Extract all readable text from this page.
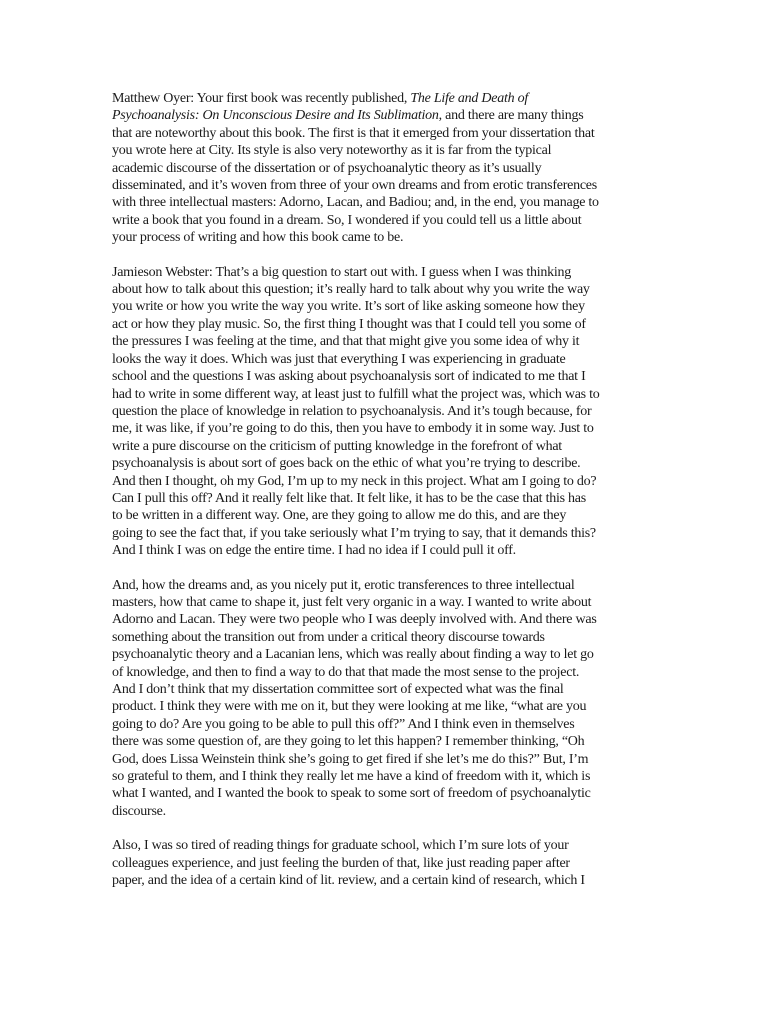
Matthew Oyer: Your first book was recently published, The Life and Death of
Psychoanalysis: On Unconscious Desire and Its Sublimation, and there are many things
that are noteworthy about this book. The first is that it emerged from your dissertation that
you wrote here at City. Its style is also very noteworthy as it is far from the typical
academic discourse of the dissertation or of psychoanalytic theory as it’s usually
disseminated, and it’s woven from three of your own dreams and from erotic transferences
with three intellectual masters: Adorno, Lacan, and Badiou; and, in the end, you manage to
write a book that you found in a dream. So, I wondered if you could tell us a little about
your process of writing and how this book came to be.

Jamieson Webster: That’s a big question to start out with. I guess when I was thinking
about how to talk about this question; it’s really hard to talk about why you write the way
you write or how you write the way you write. It’s sort of like asking someone how they
act or how they play music. So, the first thing I thought was that I could tell you some of
the pressures I was feeling at the time, and that that might give you some idea of why it
looks the way it does. Which was just that everything I was experiencing in graduate
school and the questions I was asking about psychoanalysis sort of indicated to me that I
had to write in some different way, at least just to fulfill what the project was, which was to
question the place of knowledge in relation to psychoanalysis. And it’s tough because, for
me, it was like, if you’re going to do this, then you have to embody it in some way. Just to
write a pure discourse on the criticism of putting knowledge in the forefront of what
psychoanalysis is about sort of goes back on the ethic of what you’re trying to describe.
And then I thought, oh my God, I’m up to my neck in this project. What am I going to do?
Can I pull this off? And it really felt like that. It felt like, it has to be the case that this has
to be written in a different way. One, are they going to allow me do this, and are they
going to see the fact that, if you take seriously what I’m trying to say, that it demands this?
And I think I was on edge the entire time. I had no idea if I could pull it off.

And, how the dreams and, as you nicely put it, erotic transferences to three intellectual
masters, how that came to shape it, just felt very organic in a way. I wanted to write about
Adorno and Lacan. They were two people who I was deeply involved with. And there was
something about the transition out from under a critical theory discourse towards
psychoanalytic theory and a Lacanian lens, which was really about finding a way to let go
of knowledge, and then to find a way to do that that made the most sense to the project.
And I don’t think that my dissertation committee sort of expected what was the final
product. I think they were with me on it, but they were looking at me like, “what are you
going to do? Are you going to be able to pull this off?” And I think even in themselves
there was some question of, are they going to let this happen? I remember thinking, “Oh
God, does Lissa Weinstein think she’s going to get fired if she let’s me do this?” But, I’m
so grateful to them, and I think they really let me have a kind of freedom with it, which is
what I wanted, and I wanted the book to speak to some sort of freedom of psychoanalytic
discourse.

Also, I was so tired of reading things for graduate school, which I’m sure lots of your
colleagues experience, and just feeling the burden of that, like just reading paper after
paper, and the idea of a certain kind of lit. review, and a certain kind of research, which I
